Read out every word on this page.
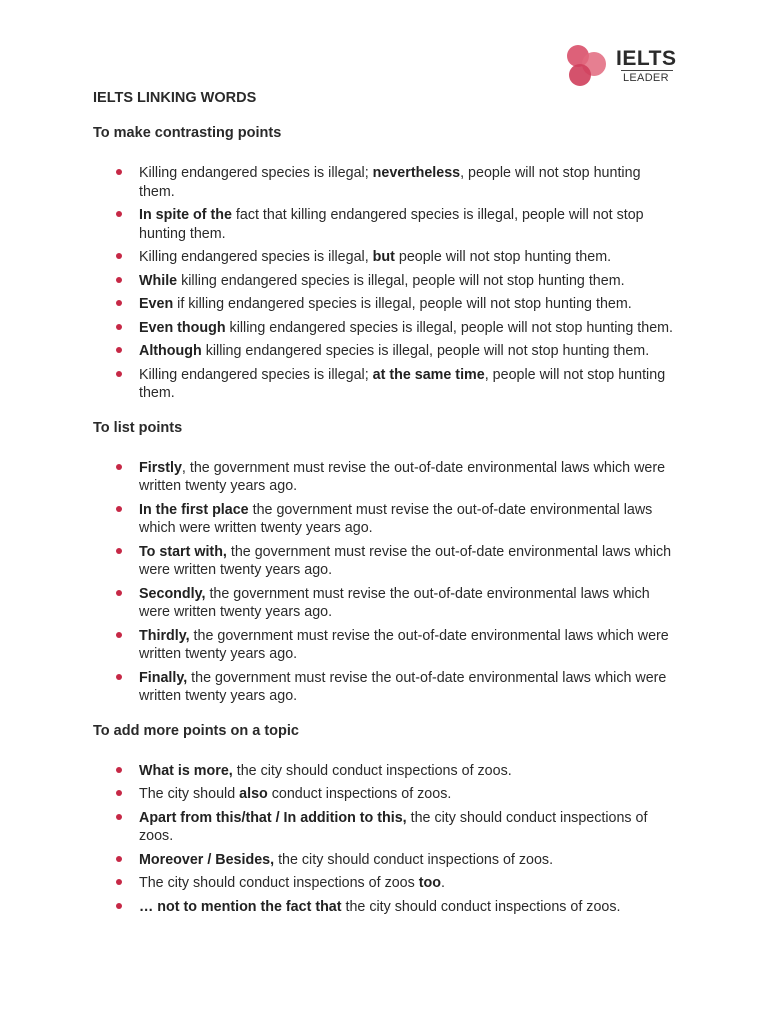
IELTS
LEADER
IELTS LINKING WORDS
To make contrasting points
Killing endangered species is illegal; nevertheless, people will not stop hunting them.
In spite of the fact that killing endangered species is illegal, people will not stop hunting them.
Killing endangered species is illegal, but people will not stop hunting them.
While killing endangered species is illegal, people will not stop hunting them.
Even if killing endangered species is illegal, people will not stop hunting them.
Even though killing endangered species is illegal, people will not stop hunting them.
Although killing endangered species is illegal, people will not stop hunting them.
Killing endangered species is illegal; at the same time, people will not stop hunting them.
To list points
Firstly, the government must revise the out-of-date environmental laws which were written twenty years ago.
In the first place the government must revise the out-of-date environmental laws which were written twenty years ago.
To start with, the government must revise the out-of-date environmental laws which were written twenty years ago.
Secondly, the government must revise the out-of-date environmental laws which were written twenty years ago.
Thirdly, the government must revise the out-of-date environmental laws which were written twenty years ago.
Finally, the government must revise the out-of-date environmental laws which were written twenty years ago.
To add more points on a topic
What is more, the city should conduct inspections of zoos.
The city should also conduct inspections of zoos.
Apart from this/that / In addition to this, the city should conduct inspections of zoos.
Moreover / Besides, the city should conduct inspections of zoos.
The city should conduct inspections of zoos too.
… not to mention the fact that the city should conduct inspections of zoos.
